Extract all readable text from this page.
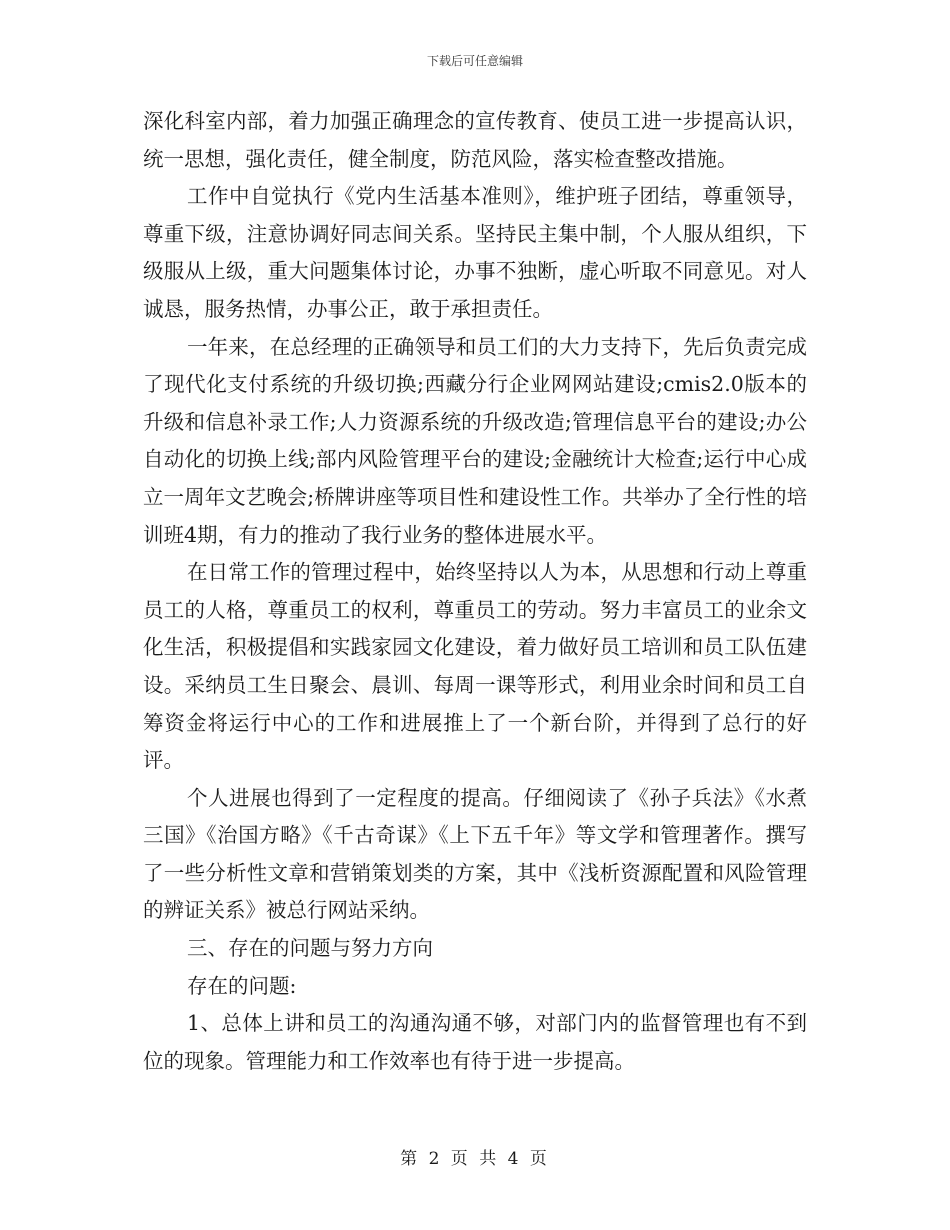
下载后可任意编辑

深化科室内部，着力加强正确理念的宣传教育、使员工进一步提高认识，统一思想，强化责任，健全制度，防范风险，落实检查整改措施。

工作中自觉执行《党内生活基本准则》，维护班子团结，尊重领导，尊重下级，注意协调好同志间关系。坚持民主集中制，个人服从组织，下级服从上级，重大问题集体讨论，办事不独断，虚心听取不同意见。对人诚恳，服务热情，办事公正，敢于承担责任。

一年来，在总经理的正确领导和员工们的大力支持下，先后负责完成了现代化支付系统的升级切换;西藏分行企业网网站建设;cmis2.0版本的升级和信息补录工作;人力资源系统的升级改造;管理信息平台的建设;办公自动化的切换上线;部内风险管理平台的建设;金融统计大检查;运行中心成立一周年文艺晚会;桥牌讲座等项目性和建设性工作。共举办了全行性的培训班4期，有力的推动了我行业务的整体进展水平。

在日常工作的管理过程中，始终坚持以人为本，从思想和行动上尊重员工的人格，尊重员工的权利，尊重员工的劳动。努力丰富员工的业余文化生活，积极提倡和实践家园文化建设，着力做好员工培训和员工队伍建设。采纳员工生日聚会、晨训、每周一课等形式，利用业余时间和员工自筹资金将运行中心的工作和进展推上了一个新台阶，并得到了总行的好评。

个人进展也得到了一定程度的提高。仔细阅读了《孙子兵法》《水煮三国》《治国方略》《千古奇谋》《上下五千年》等文学和管理著作。撰写了一些分析性文章和营销策划类的方案，其中《浅析资源配置和风险管理的辨证关系》被总行网站采纳。

三、存在的问题与努力方向

存在的问题:

1、总体上讲和员工的沟通沟通不够，对部门内的监督管理也有不到位的现象。管理能力和工作效率也有待于进一步提高。

第 2 页 共 4 页
